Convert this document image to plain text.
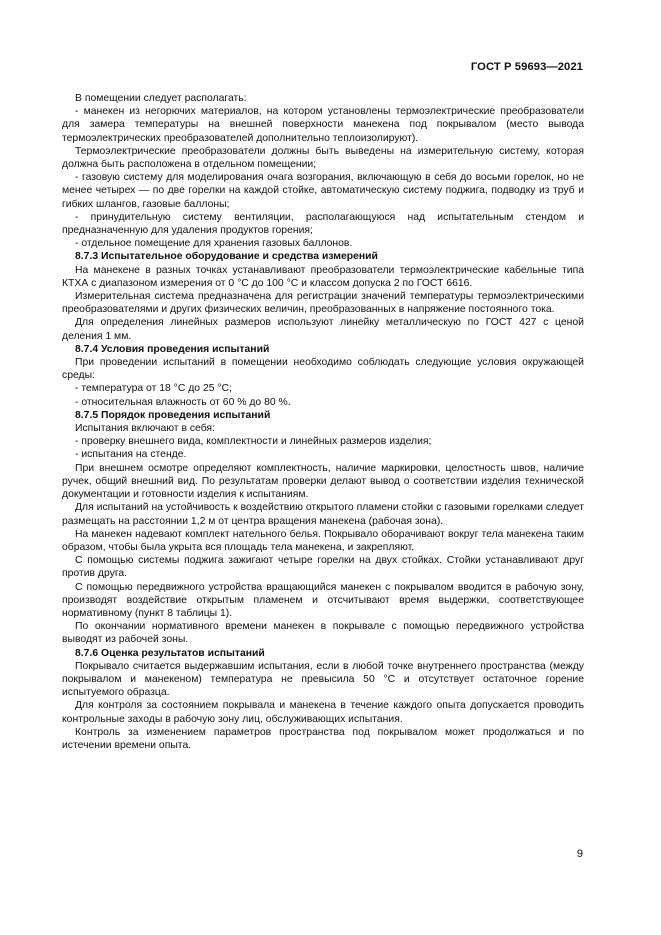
ГОСТ Р 59693—2021

В помещении следует располагать:

- манекен из негорючих материалов, на котором установлены термоэлектрические преобразователи для замера температуры на внешней поверхности манекена под покрывалом (место вывода термоэлектрических преобразователей дополнительно теплоизолируют).

Термоэлектрические преобразователи должны быть выведены на измерительную систему, которая должна быть расположена в отдельном помещении;

- газовую систему для моделирования очага возгорания, включающую в себя до восьми горелок, но не менее четырех — по две горелки на каждой стойке, автоматическую систему поджига, подводку из труб и гибких шлангов, газовые баллоны;

- принудительную систему вентиляции, располагающуюся над испытательным стендом и предназначенную для удаления продуктов горения;

- отдельное помещение для хранения газовых баллонов.

8.7.3 Испытательное оборудование и средства измерений

На манекене в разных точках устанавливают преобразователи термоэлектрические кабельные типа КТХА с диапазоном измерения от 0 °С до 100 °С и классом допуска 2 по ГОСТ 6616.

Измерительная система предназначена для регистрации значений температуры термоэлектрическими преобразователями и других физических величин, преобразованных в напряжение постоянного тока.

Для определения линейных размеров используют линейку металлическую по ГОСТ 427 с ценой деления 1 мм.

8.7.4 Условия проведения испытаний

При проведении испытаний в помещении необходимо соблюдать следующие условия окружающей среды:

- температура от 18 °С до 25 °С;

- относительная влажность от 60 % до 80 %.

8.7.5 Порядок проведения испытаний

Испытания включают в себя:

- проверку внешнего вида, комплектности и линейных размеров изделия;

- испытания на стенде.

При внешнем осмотре определяют комплектность, наличие маркировки, целостность швов, наличие ручек, общий внешний вид. По результатам проверки делают вывод о соответствии изделия технической документации и готовности изделия к испытаниям.

Для испытаний на устойчивость к воздействию открытого пламени стойки с газовыми горелками следует размещать на расстоянии 1,2 м от центра вращения манекена (рабочая зона).

На манекен надевают комплект нательного белья. Покрывало оборачивают вокруг тела манекена таким образом, чтобы была укрыта вся площадь тела манекена, и закрепляют.

С помощью системы поджига зажигают четыре горелки на двух стойках. Стойки устанавливают друг против друга.

С помощью передвижного устройства вращающийся манекен с покрывалом вводится в рабочую зону, производят воздействие открытым пламенем и отсчитывают время выдержки, соответствующее нормативному (пункт 8 таблицы 1).

По окончании нормативного времени манекен в покрывале с помощью передвижного устройства выводят из рабочей зоны.

8.7.6 Оценка результатов испытаний

Покрывало считается выдержавшим испытания, если в любой точке внутреннего пространства (между покрывалом и манекеном) температура не превысила 50 °С и отсутствует остаточное горение испытуемого образца.

Для контроля за состоянием покрывала и манекена в течение каждого опыта допускается проводить контрольные заходы в рабочую зону лиц, обслуживающих испытания.

Контроль за изменением параметров пространства под покрывалом может продолжаться и по истечении времени опыта.

9
